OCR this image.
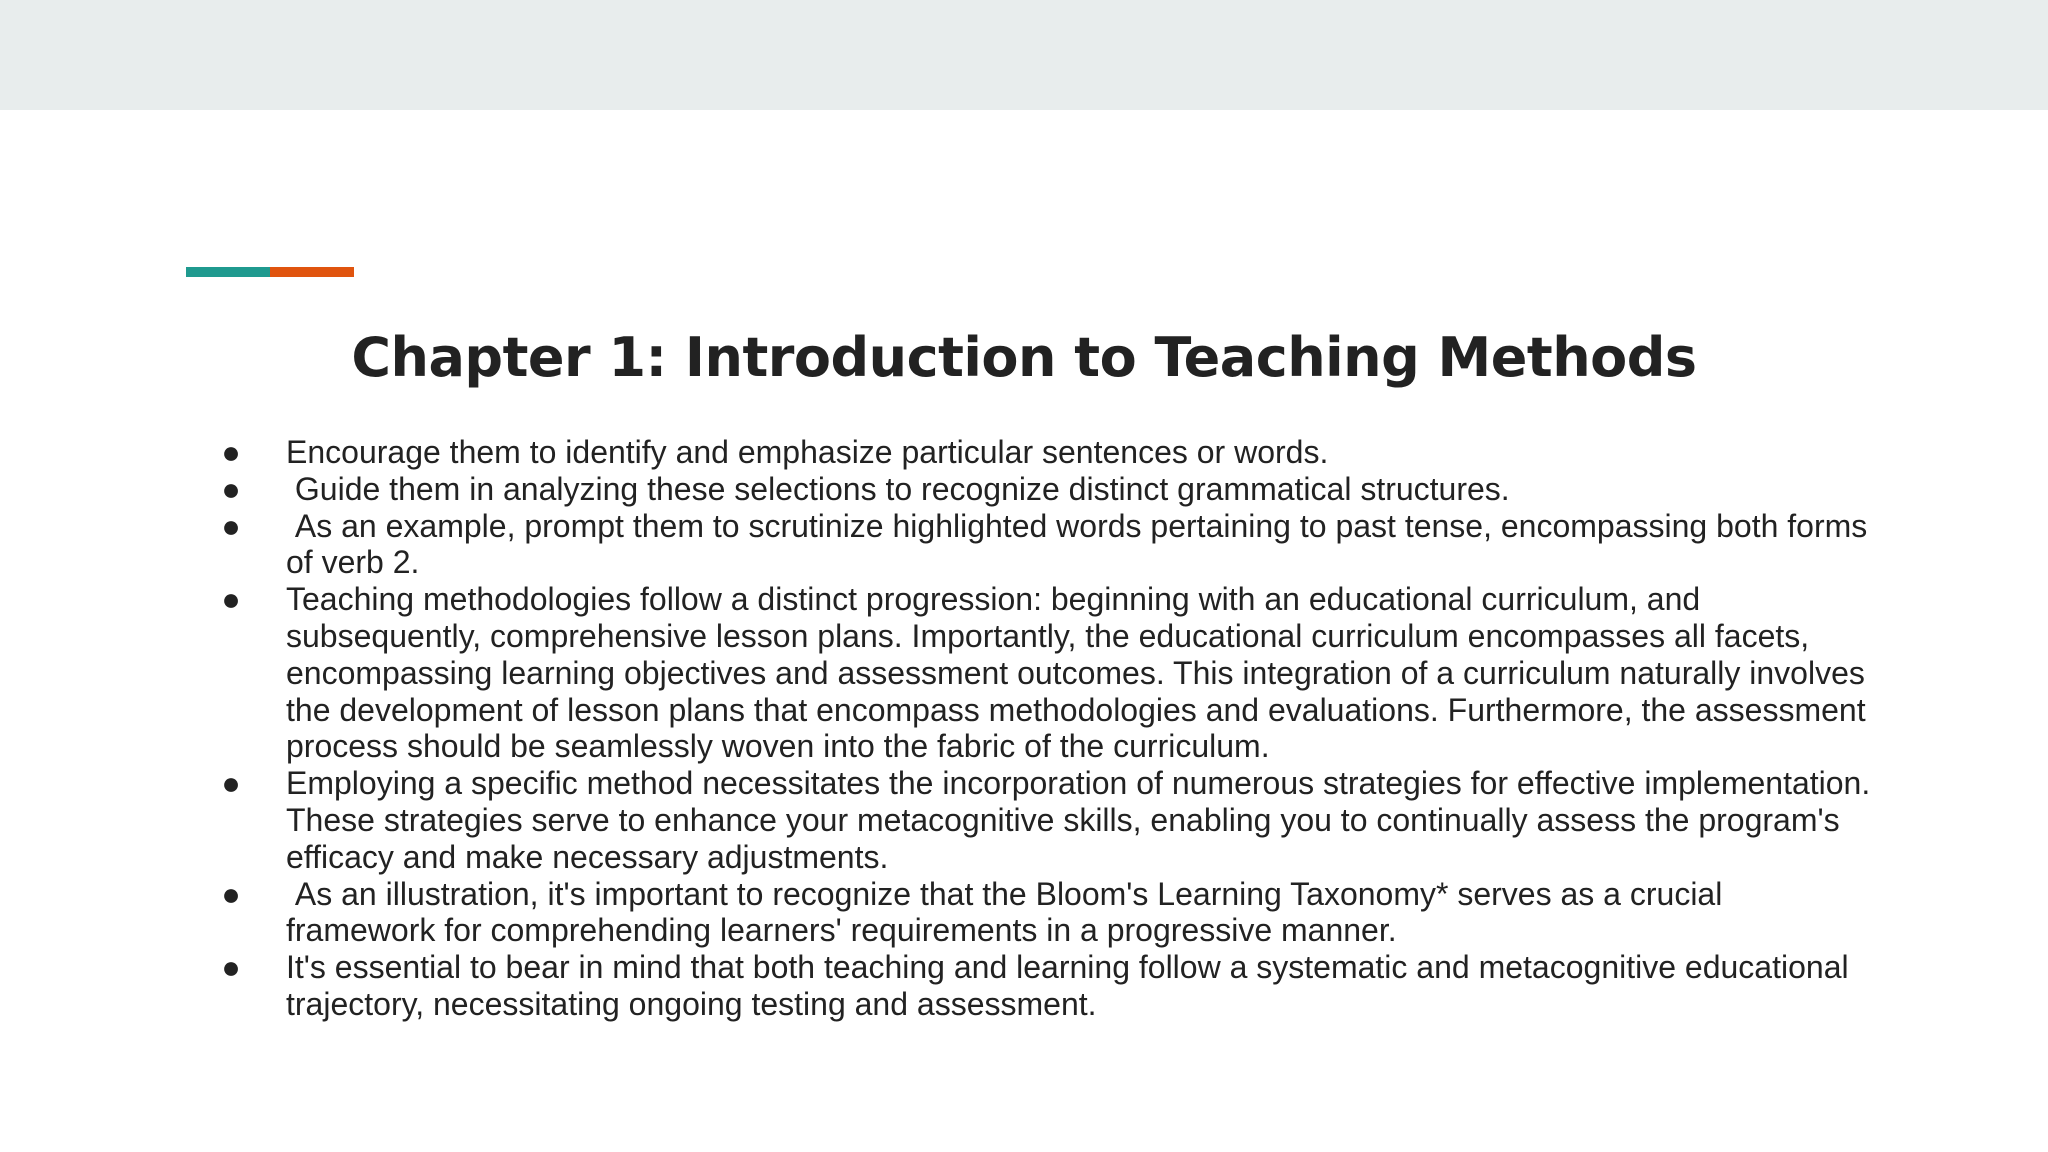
Chapter 1: Introduction to Teaching Methods
● Encourage them to identify and emphasize particular sentences or words.
● Guide them in analyzing these selections to recognize distinct grammatical structures.
● As an example, prompt them to scrutinize highlighted words pertaining to past tense, encompassing both forms of verb 2.
● Teaching methodologies follow a distinct progression: beginning with an educational curriculum, and subsequently, comprehensive lesson plans. Importantly, the educational curriculum encompasses all facets, encompassing learning objectives and assessment outcomes. This integration of a curriculum naturally involves the development of lesson plans that encompass methodologies and evaluations. Furthermore, the assessment process should be seamlessly woven into the fabric of the curriculum.
● Employing a specific method necessitates the incorporation of numerous strategies for effective implementation. These strategies serve to enhance your metacognitive skills, enabling you to continually assess the program's efficacy and make necessary adjustments.
● As an illustration, it's important to recognize that the Bloom's Learning Taxonomy* serves as a crucial framework for comprehending learners' requirements in a progressive manner.
● It's essential to bear in mind that both teaching and learning follow a systematic and metacognitive educational trajectory, necessitating ongoing testing and assessment.
